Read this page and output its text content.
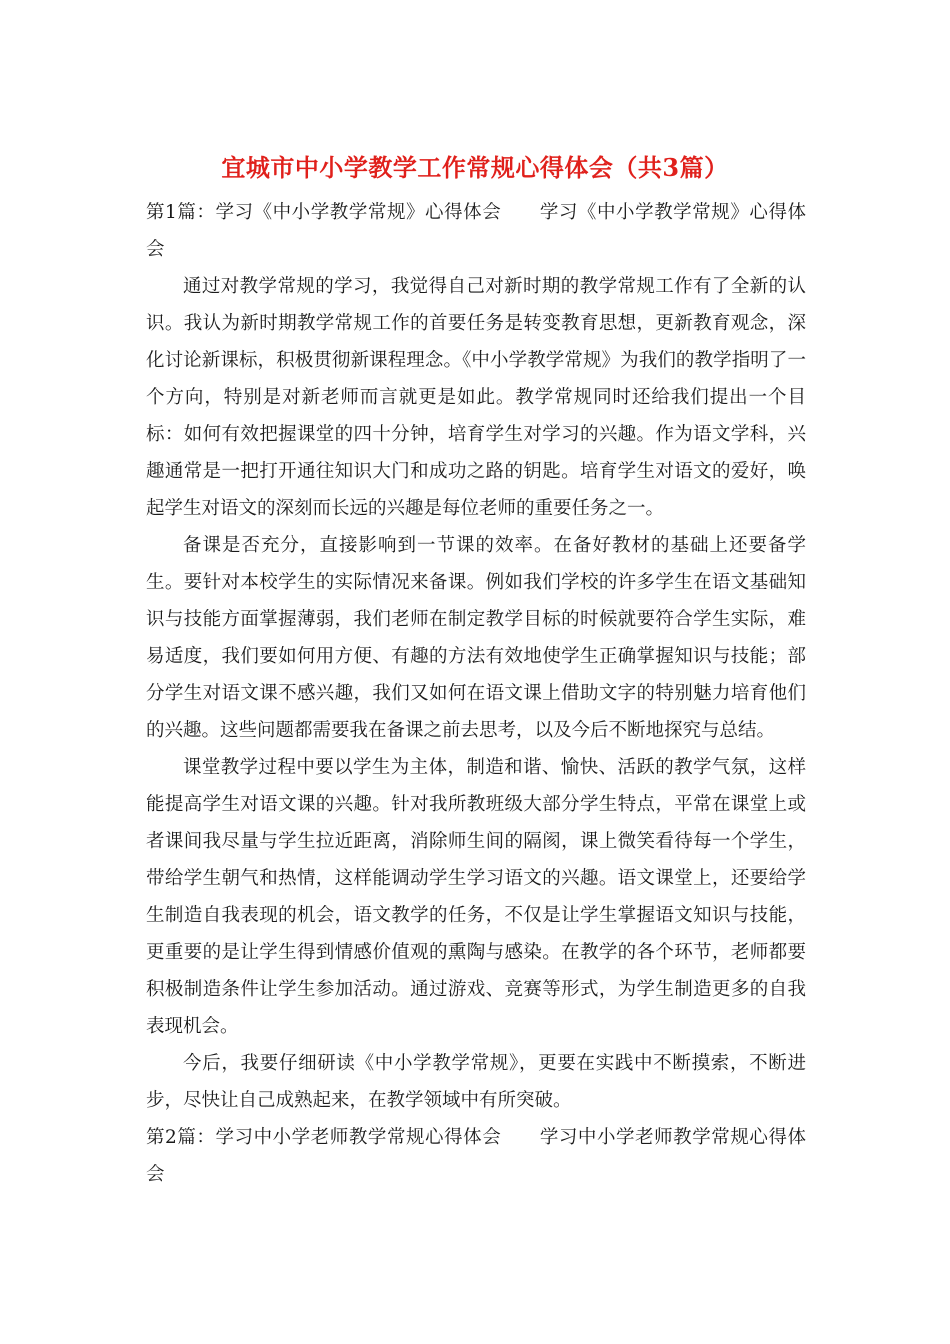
宜城市中小学教学工作常规心得体会（共3篇）

第1篇：学习《中小学教学常规》心得体会 学习《中小学教学常规》心得体会

通过对教学常规的学习，我觉得自己对新时期的教学常规工作有了全新的认识。我认为新时期教学常规工作的首要任务是转变教育思想，更新教育观念，深化讨论新课标，积极贯彻新课程理念。《中小学教学常规》为我们的教学指明了一个方向，特别是对新老师而言就更是如此。教学常规同时还给我们提出一个目标：如何有效把握课堂的四十分钟，培育学生对学习的兴趣。作为语文学科，兴趣通常是一把打开通往知识大门和成功之路的钥匙。培育学生对语文的爱好，唤起学生对语文的深刻而长远的兴趣是每位老师的重要任务之一。

备课是否充分，直接影响到一节课的效率。在备好教材的基础上还要备学生。要针对本校学生的实际情况来备课。例如我们学校的许多学生在语文基础知识与技能方面掌握薄弱，我们老师在制定教学目标的时候就要符合学生实际，难易适度，我们要如何用方便、有趣的方法有效地使学生正确掌握知识与技能；部分学生对语文课不感兴趣，我们又如何在语文课上借助文字的特别魅力培育他们的兴趣。这些问题都需要我在备课之前去思考，以及今后不断地探究与总结。

课堂教学过程中要以学生为主体，制造和谐、愉快、活跃的教学气氛，这样能提高学生对语文课的兴趣。针对我所教班级大部分学生特点，平常在课堂上或者课间我尽量与学生拉近距离，消除师生间的隔阂，课上微笑看待每一个学生，带给学生朝气和热情，这样能调动学生学习语文的兴趣。语文课堂上，还要给学生制造自我表现的机会，语文教学的任务，不仅是让学生掌握语文知识与技能，更重要的是让学生得到情感价值观的熏陶与感染。在教学的各个环节，老师都要积极制造条件让学生参加活动。通过游戏、竞赛等形式，为学生制造更多的自我表现机会。

今后，我要仔细研读《中小学教学常规》，更要在实践中不断摸索，不断进步，尽快让自己成熟起来，在教学领域中有所突破。

第2篇：学习中小学老师教学常规心得体会 学习中小学老师教学常规心得体会
